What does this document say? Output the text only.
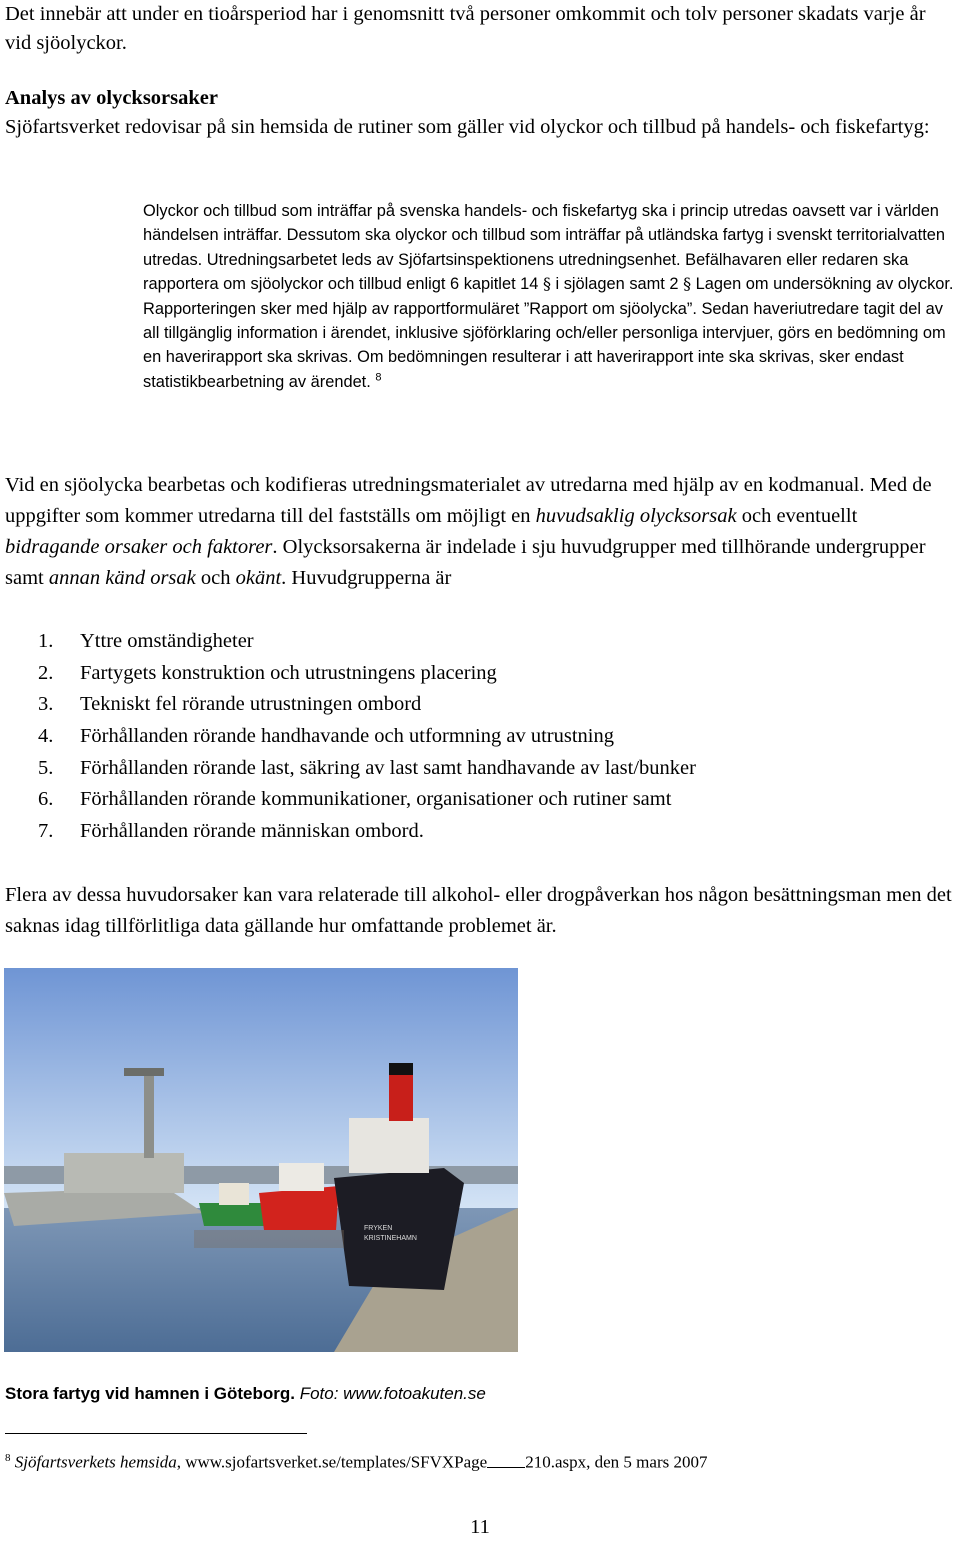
Det innebär att under en tioårsperiod har i genomsnitt två personer omkommit och tolv personer skadats varje år vid sjöolyckor.
Analys av olycksorsaker
Sjöfartsverket redovisar på sin hemsida de rutiner som gäller vid olyckor och tillbud på handels- och fiskefartyg:
Olyckor och tillbud som inträffar på svenska handels- och fiskefartyg ska i princip utredas oavsett var i världen händelsen inträffar. Dessutom ska olyckor och tillbud som inträffar på utländska fartyg i svenskt territorialvatten utredas. Utredningsarbetet leds av Sjöfartsinspektionens utredningsenhet. Befälhavaren eller redaren ska rapportera om sjöolyckor och tillbud enligt 6 kapitlet 14 § i sjölagen samt 2 § Lagen om undersökning av olyckor. Rapporteringen sker med hjälp av rapportformuläret ”Rapport om sjöolycka”. Sedan haveriutredare tagit del av all tillgänglig information i ärendet, inklusive sjöförklaring och/eller personliga intervjuer, görs en bedömning om en haverirapport ska skrivas. Om bedömningen resulterar i att haverirapport inte ska skrivas, sker endast statistikbearbetning av ärendet. $^8$
Vid en sjöolycka bearbetas och kodifieras utredningsmaterialet av utredarna med hjälp av en kodmanual. Med de uppgifter som kommer utredarna till del fastställs om möjligt en huvudsaklig olycksorsak och eventuellt bidragande orsaker och faktorer. Olycksorsakerna är indelade i sju huvudgrupper med tillhörande undergrupper samt annan känd orsak och okänt. Huvudgrupperna är
1.	Yttre omständigheter
2.	Fartygets konstruktion och utrustningens placering
3.	Tekniskt fel rörande utrustningen ombord
4.	Förhållanden rörande handhavande och utformning av utrustning
5.	Förhållanden rörande last, säkring av last samt handhavande av last/bunker
6.	Förhållanden rörande kommunikationer, organisationer och rutiner samt
7.	Förhållanden rörande människan ombord.
Flera av dessa huvudorsaker kan vara relaterade till alkohol- eller drogpåverkan hos någon besättningsman men det saknas idag tillförlitliga data gällande hur omfattande problemet är.
FRYKEN
KRISTINEHAMN
Stora fartyg vid hamnen i Göteborg. Foto: www.fotoakuten.se
$^8$ Sjöfartsverkets hemsida, www.sjofartsverket.se/templates/SFVXPage 210.aspx, den 5 mars 2007
11
